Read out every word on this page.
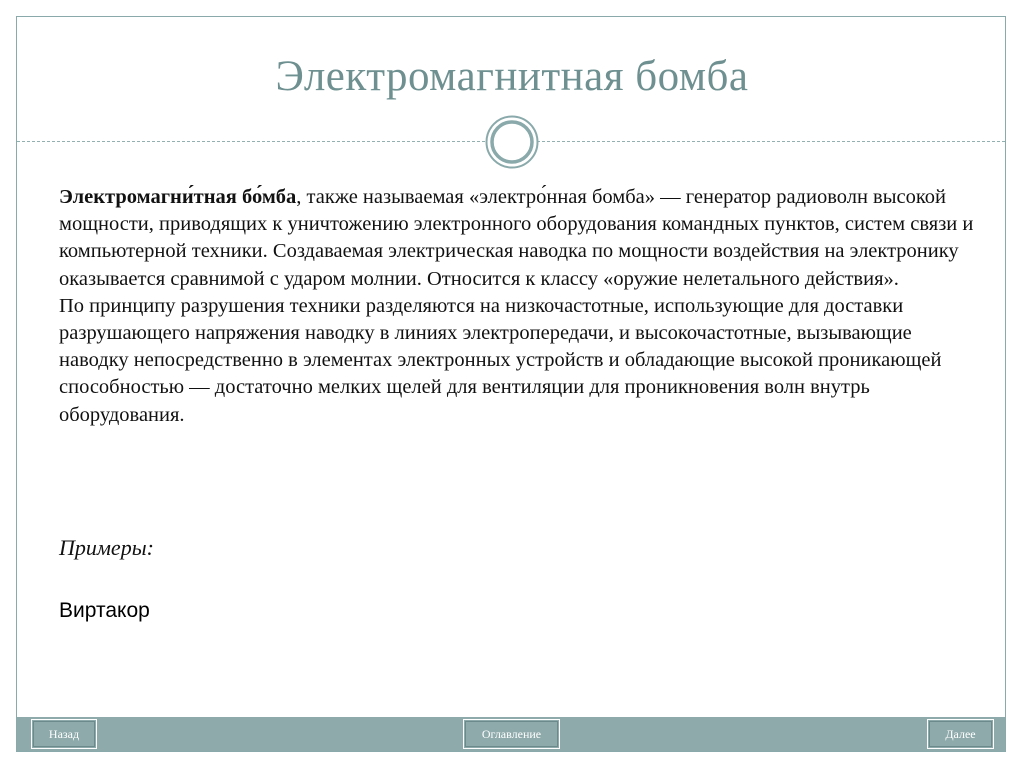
Электромагнитная бомба

Электромагни́тная бо́мба, также называемая «электро́нная бомба» — генератор радиоволн высокой мощности, приводящих к уничтожению электронного оборудования командных пунктов, систем связи и компьютерной техники. Создаваемая электрическая наводка по мощности воздействия на электронику оказывается сравнимой с ударом молнии. Относится к классу «оружие нелетального действия».

По принципу разрушения техники разделяются на низкочастотные, использующие для доставки разрушающего напряжения наводку в линиях электропередачи, и высокочастотные, вызывающие наводку непосредственно в элементах электронных устройств и обладающие высокой проникающей способностью — достаточно мелких щелей для вентиляции для проникновения волн внутрь оборудования.

Примеры:
Виртакор
Назад	Оглавление	Далее
